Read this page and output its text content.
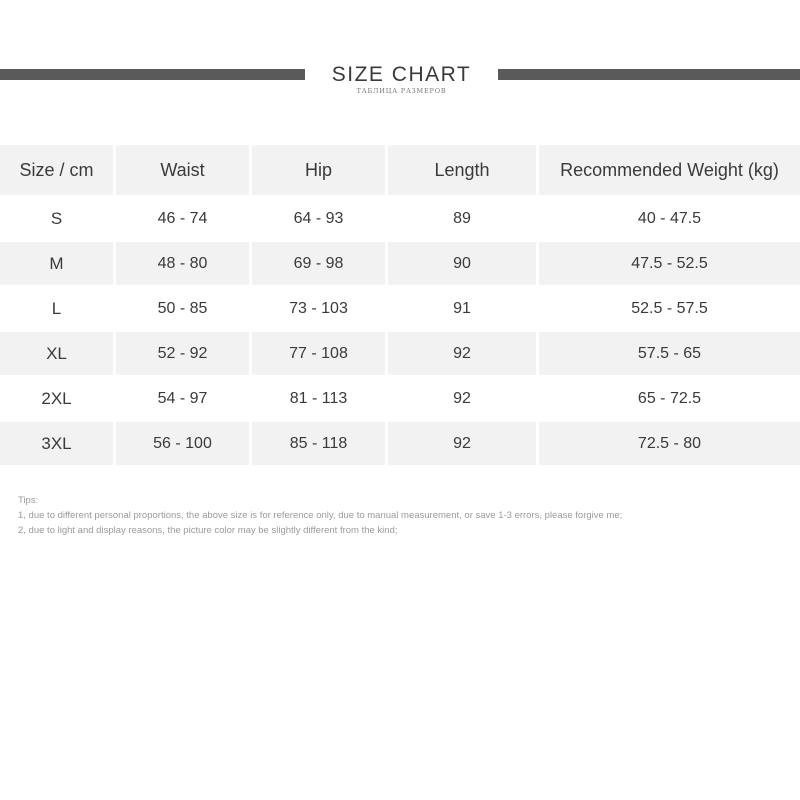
SIZE CHART
ТАБЛИЦА РАЗМЕРОВ
Size / cm	Waist	Hip	Length	Recommended Weight (kg)
S	46 - 74	64 - 93	89	40 - 47.5
M	48 - 80	69 - 98	90	47.5 - 52.5
L	50 - 85	73 - 103	91	52.5 - 57.5
XL	52 - 92	77 - 108	92	57.5 - 65
2XL	54 - 97	81 - 113	92	65 - 72.5
3XL	56 - 100	85 - 118	92	72.5 - 80
Tips:
1, due to different personal proportions, the above size is for reference only, due to manual measurement, or save 1-3 errors, please forgive me;
2, due to light and display reasons, the picture color may be slightly different from the kind;
